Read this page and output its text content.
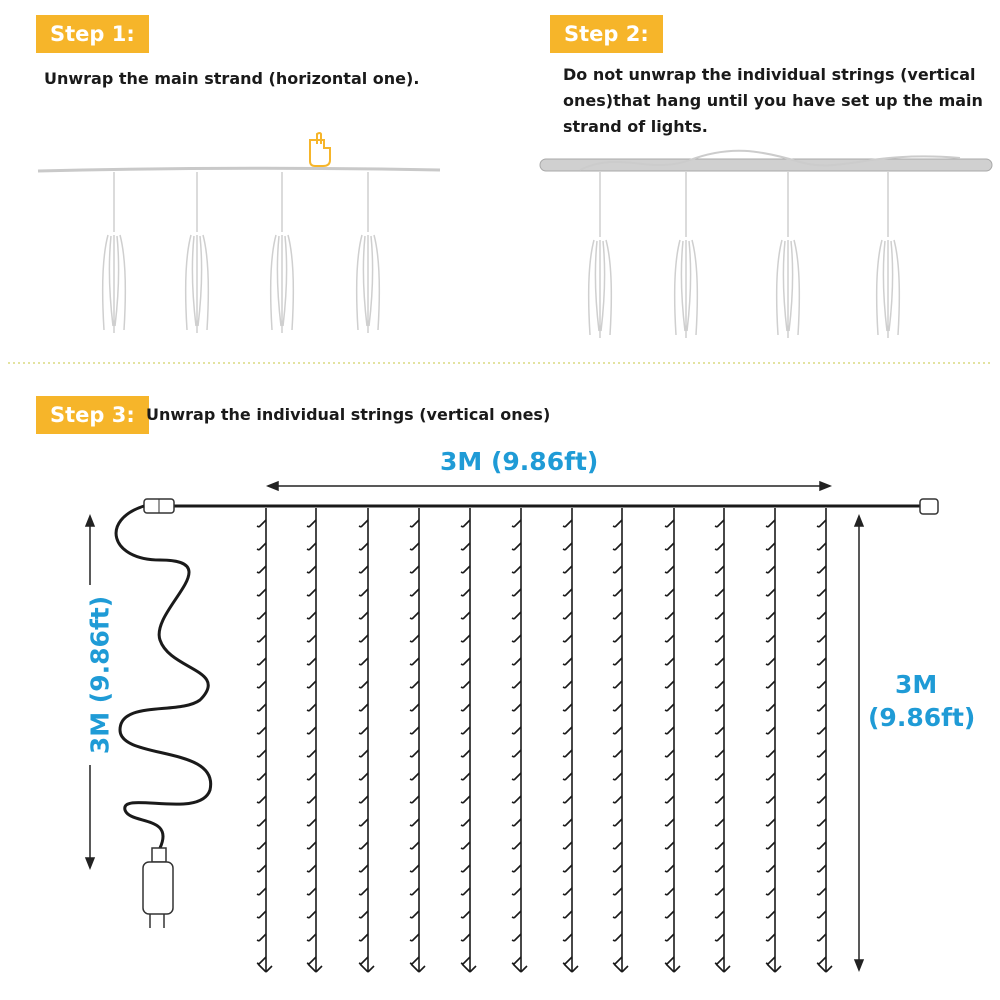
Step 1:
Unwrap the main strand (horizontal one).
Step 2:
Do not unwrap the individual strings (vertical ones)that hang until you have set up the main strand of lights.
Step 3: Unwrap the individual strings (vertical ones)
3M (9.86ft)
3M (9.86ft)	3M
(9.86ft)
